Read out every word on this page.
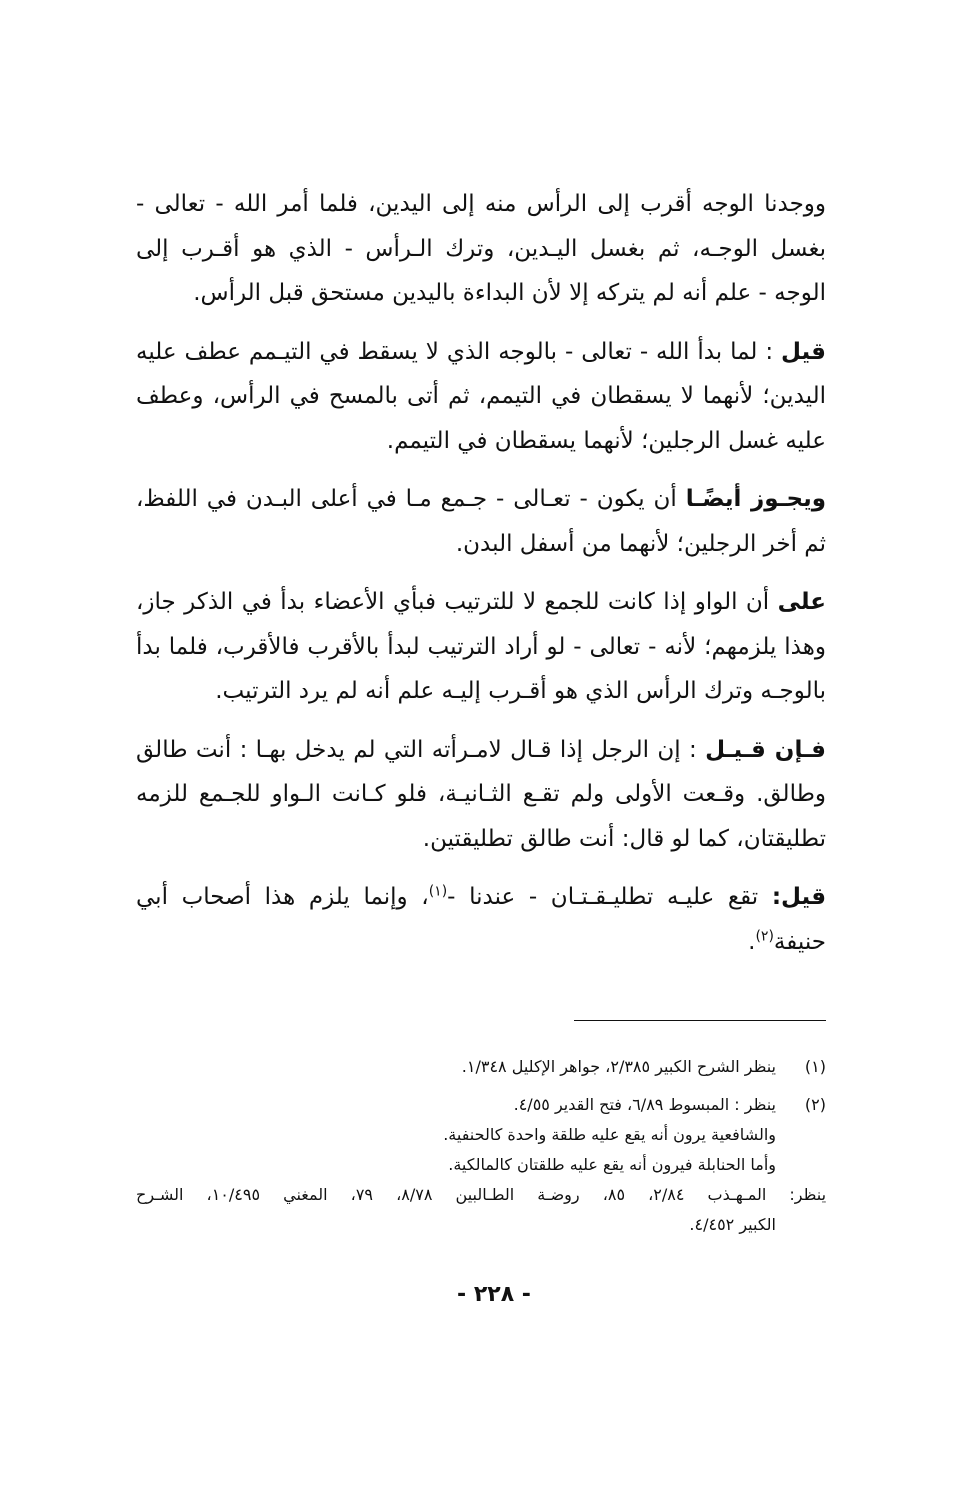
ووجدنا الوجه أقرب إلى الرأس منه إلى اليدين، فلما أمر الله - تعالى - بغسل الوجـه، ثم بغسل اليـدين، وترك الـرأس - الذي هو أقـرب إلى الوجه - علم أنه لم يتركه إلا لأن البداءة باليدين مستحق قبل الرأس.

قيل : لما بدأ الله - تعالى - بالوجه الذي لا يسقط في التيـمم عطف عليه اليدين؛ لأنهما لا يسقطان في التيمم، ثم أتى بالمسح في الرأس، وعطف عليه غسل الرجلين؛ لأنهما يسقطان في التيمم.

ويجـوز أيضًـا أن يكون - تعـالى - جـمع مـا في أعلى البـدن في اللفظ، ثم أخر الرجلين؛ لأنهما من أسفل البدن.

على أن الواو إذا كانت للجمع لا للترتيب فبأي الأعضاء بدأ في الذكر جاز، وهذا يلزمهم؛ لأنه - تعالى - لو أراد الترتيب لبدأ بالأقرب فالأقرب، فلما بدأ بالوجـه وترك الرأس الذي هو أقـرب إليـه علم أنه لم يرد الترتيب.

فـإن قـيـل : إن الرجل إذا قـال لامـرأته التي لم يدخل بهـا : أنت طالق وطالق. وقـعت الأولى ولم تقـع الثـانيـة، فلو كـانت الـواو للجـمع للزمه تطليقتان، كما لو قال: أنت طالق تطليقتين.

قيل: تقع عليـه تطليـقـتـان - عندنا -$^{(١)}$، وإنما يلزم هذا أصحاب أبي حنيفة$^{(٢)}$.

(١)
ينظر الشرح الكبير ٢/٣٨٥، جواهر الإكليل ١/٣٤٨.
(٢)
ينظر : المبسوط ٦/٨٩، فتح القدير ٤/٥٥.
والشافعية يرون أنه يقع عليه طلقة واحدة كالحنفية.
وأما الحنابلة فيرون أنه يقع عليه طلقتان كالمالكية.
ينظر: المـهـذب ٢/٨٤، ٨٥، روضـة الطـالبين ٨/٧٨، ٧٩، المغني ١٠/٤٩٥، الشـرح
الكبير ٤/٤٥٢.
- ٢٢٨ -
